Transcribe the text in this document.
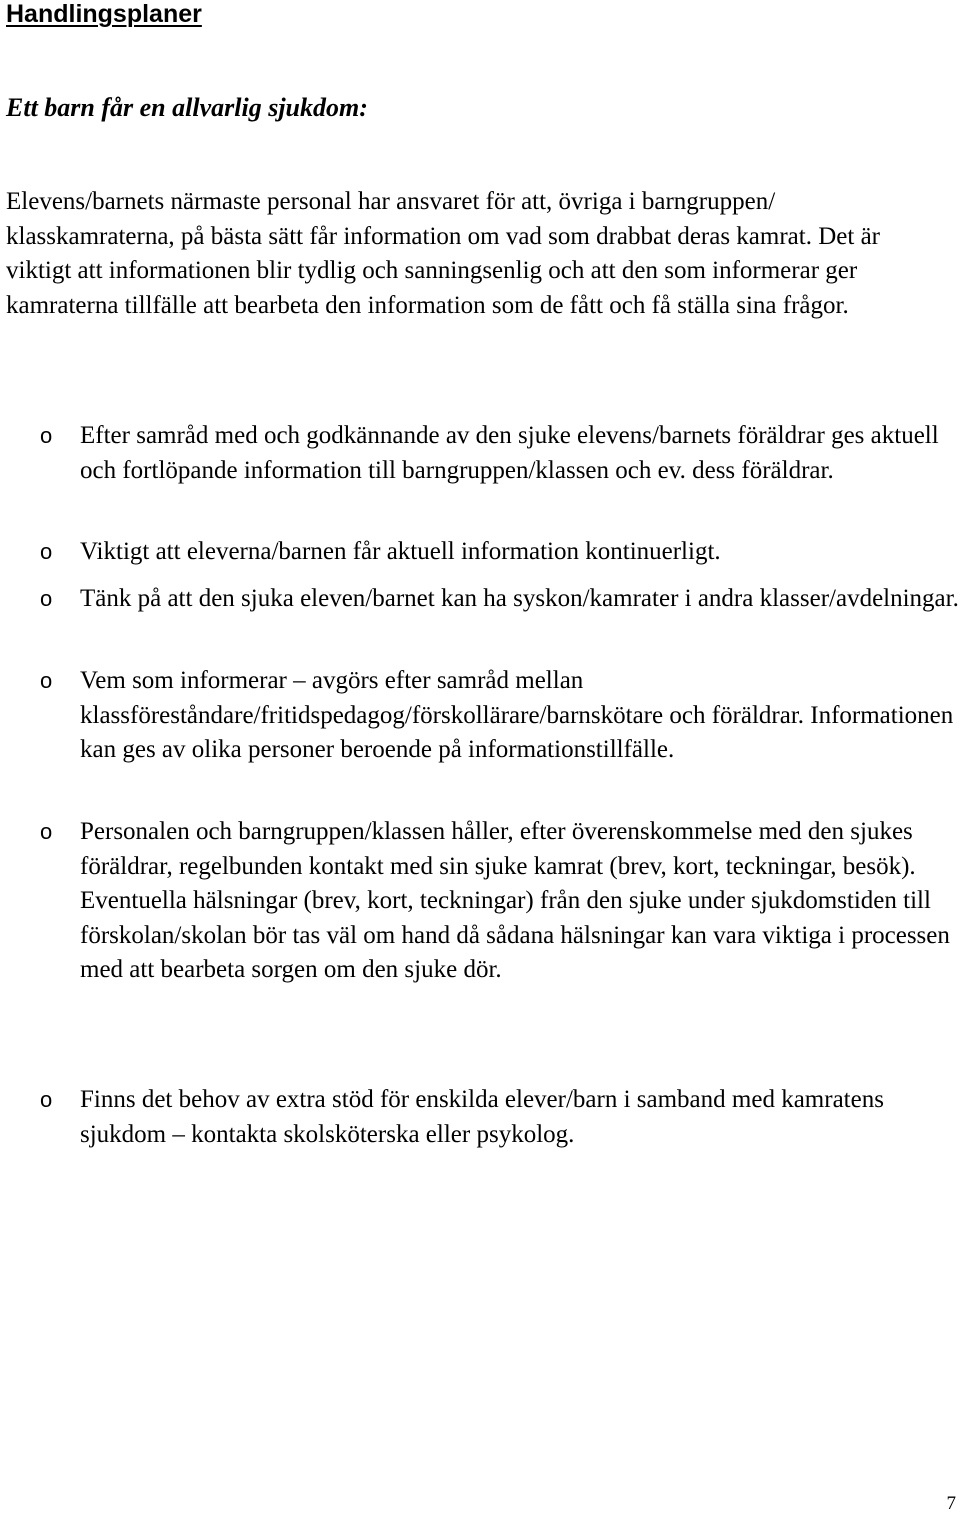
Handlingsplaner
Ett barn får en allvarlig sjukdom:

Elevens/barnets närmaste personal har ansvaret för att, övriga i barngruppen/ klasskamraterna, på bästa sätt får information om vad som drabbat deras kamrat. Det är viktigt att informationen blir tydlig och sanningsenlig och att den som informerar ger kamraterna tillfälle att bearbeta den information som de fått och få ställa sina frågor.

o Efter samråd med och godkännande av den sjuke elevens/barnets föräldrar ges aktuell och fortlöpande information till barngruppen/klassen och ev. dess föräldrar.
o Viktigt att eleverna/barnen får aktuell information kontinuerligt.
o Tänk på att den sjuka eleven/barnet kan ha syskon/kamrater i andra klasser/avdelningar.
o Vem som informerar – avgörs efter samråd mellan klassföreståndare/fritidspedagog/förskollärare/barnskötare och föräldrar. Informationen kan ges av olika personer beroende på informationstillfälle.
o Personalen och barngruppen/klassen håller, efter överenskommelse med den sjukes föräldrar, regelbunden kontakt med sin sjuke kamrat (brev, kort, teckningar, besök). Eventuella hälsningar (brev, kort, teckningar) från den sjuke under sjukdomstiden till förskolan/skolan bör tas väl om hand då sådana hälsningar kan vara viktiga i processen med att bearbeta sorgen om den sjuke dör.
o Finns det behov av extra stöd för enskilda elever/barn i samband med kamratens sjukdom – kontakta skolsköterska eller psykolog.
7
